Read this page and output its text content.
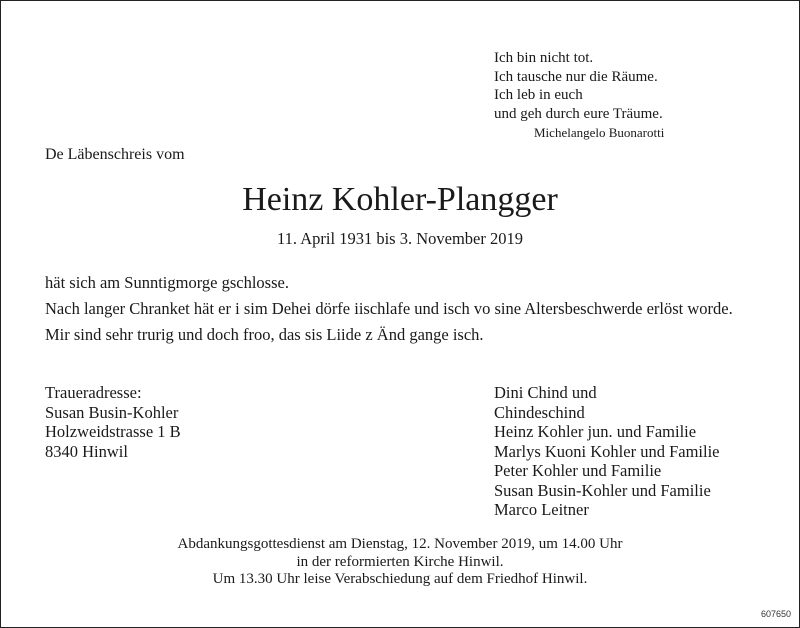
Ich bin nicht tot.
Ich tausche nur die Räume.
Ich leb in euch
und geh durch eure Träume.
Michelangelo Buonarotti
De Läbenschreis vom
Heinz Kohler-Plangger
11. April 1931 bis 3. November 2019

hät sich am Sunntigmorge gschlosse.

Nach langer Chranket hät er i sim Dehei dörfe iischlafe und isch vo sine Altersbeschwerde erlöst worde.

Mir sind sehr trurig und doch froo, das sis Liide z Änd gange isch.

Traueradresse:
Susan Busin-Kohler
Holzweidstrasse 1 B
8340 Hinwil
Dini Chind und
Chindeschind
Heinz Kohler jun. und Familie
Marlys Kuoni Kohler und Familie
Peter Kohler und Familie
Susan Busin-Kohler und Familie
Marco Leitner
Abdankungsgottesdienst am Dienstag, 12. November 2019, um 14.00 Uhr
in der reformierten Kirche Hinwil.
Um 13.30 Uhr leise Verabschiedung auf dem Friedhof Hinwil.
607650
